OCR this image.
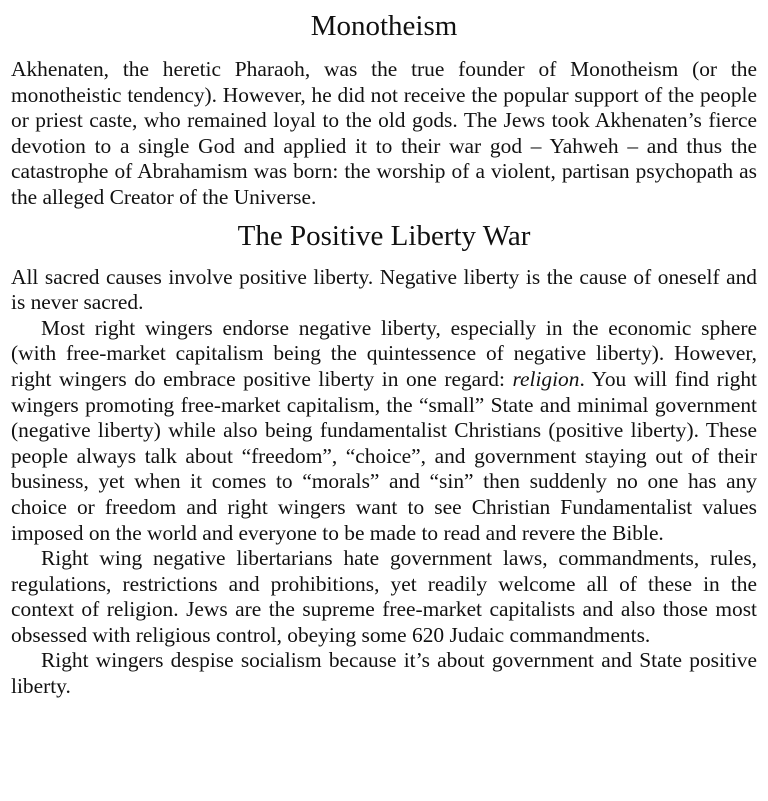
Monotheism

Akhenaten, the heretic Pharaoh, was the true founder of Monotheism (or the monotheistic tendency). However, he did not receive the popular support of the people or priest caste, who remained loyal to the old gods. The Jews took Akhenaten’s fierce devotion to a single God and applied it to their war god – Yahweh – and thus the catastrophe of Abrahamism was born: the worship of a violent, partisan psychopath as the alleged Creator of the Universe.

The Positive Liberty War

All sacred causes involve positive liberty. Negative liberty is the cause of oneself and is never sacred.

Most right wingers endorse negative liberty, especially in the economic sphere (with free-market capitalism being the quintessence of negative liberty). However, right wingers do embrace positive liberty in one regard: religion. You will find right wingers promoting free-market capitalism, the “small” State and minimal government (negative liberty) while also being fundamentalist Christians (positive liberty). These people always talk about “freedom”, “choice”, and government staying out of their business, yet when it comes to “morals” and “sin” then suddenly no one has any choice or freedom and right wingers want to see Christian Fundamentalist values imposed on the world and everyone to be made to read and revere the Bible.

Right wing negative libertarians hate government laws, commandments, rules, regulations, restrictions and prohibitions, yet readily welcome all of these in the context of religion. Jews are the supreme free-market capitalists and also those most obsessed with religious control, obeying some 620 Judaic commandments.

Right wingers despise socialism because it’s about government and State positive liberty.
